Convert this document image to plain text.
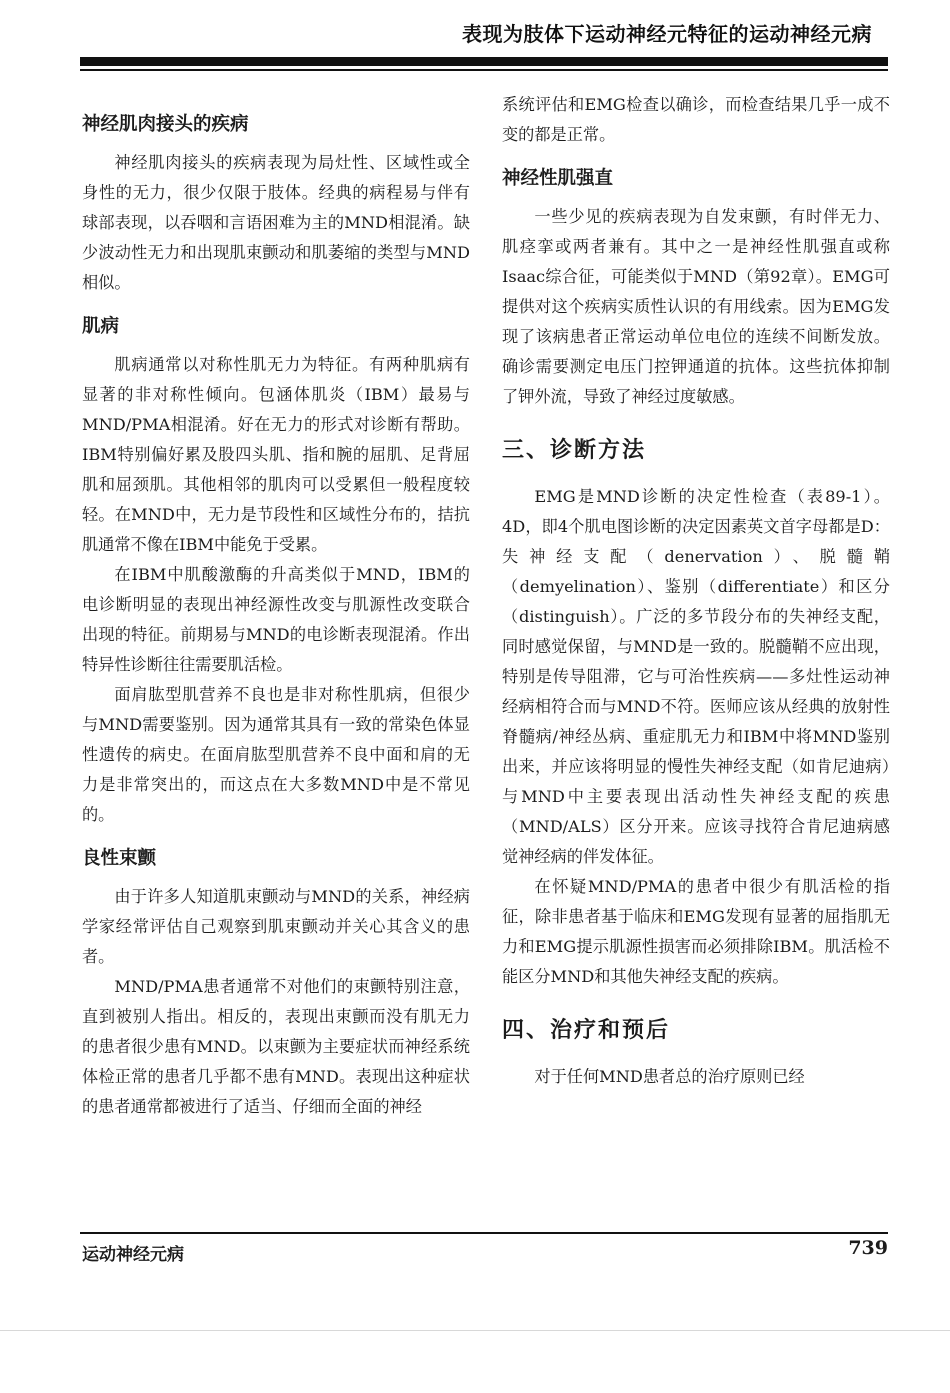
表现为肢体下运动神经元特征的运动神经元病
神经肌肉接头的疾病

神经肌肉接头的疾病表现为局灶性、区域性或全身性的无力，很少仅限于肢体。经典的病程易与伴有球部表现，以吞咽和言语困难为主的MND相混淆。缺少波动性无力和出现肌束颤动和肌萎缩的类型与MND相似。

肌病

肌病通常以对称性肌无力为特征。有两种肌病有显著的非对称性倾向。包涵体肌炎（IBM）最易与MND/PMA相混淆。好在无力的形式对诊断有帮助。IBM特别偏好累及股四头肌、指和腕的屈肌、足背屈肌和屈颈肌。其他相邻的肌肉可以受累但一般程度较轻。在MND中，无力是节段性和区域性分布的，拮抗肌通常不像在IBM中能免于受累。

在IBM中肌酸激酶的升高类似于MND，IBM的电诊断明显的表现出神经源性改变与肌源性改变联合出现的特征。前期易与MND的电诊断表现混淆。作出特异性诊断往往需要肌活检。

面肩肱型肌营养不良也是非对称性肌病，但很少与MND需要鉴别。因为通常其具有一致的常染色体显性遗传的病史。在面肩肱型肌营养不良中面和肩的无力是非常突出的，而这点在大多数MND中是不常见的。

良性束颤

由于许多人知道肌束颤动与MND的关系，神经病学家经常评估自己观察到肌束颤动并关心其含义的患者。

MND/PMA患者通常不对他们的束颤特别注意，直到被别人指出。相反的，表现出束颤而没有肌无力的患者很少患有MND。以束颤为主要症状而神经系统体检正常的患者几乎都不患有MND。表现出这种症状的患者通常都被进行了适当、仔细而全面的神经

系统评估和EMG检查以确诊，而检查结果几乎一成不变的都是正常。

神经性肌强直

一些少见的疾病表现为自发束颤，有时伴无力、肌痉挛或两者兼有。其中之一是神经性肌强直或称Isaac综合征，可能类似于MND（第92章）。EMG可提供对这个疾病实质性认识的有用线索。因为EMG发现了该病患者正常运动单位电位的连续不间断发放。确诊需要测定电压门控钾通道的抗体。这些抗体抑制了钾外流，导致了神经过度敏感。

三、诊断方法

EMG是MND诊断的决定性检查（表89-1）。4D，即4个肌电图诊断的决定因素英文首字母都是D：失神经支配（denervation）、脱髓鞘（demyelination）、鉴别（differentiate）和区分（distinguish）。广泛的多节段分布的失神经支配，同时感觉保留，与MND是一致的。脱髓鞘不应出现，特别是传导阻滞，它与可治性疾病——多灶性运动神经病相符合而与MND不符。医师应该从经典的放射性脊髓病/神经丛病、重症肌无力和IBM中将MND鉴别出来，并应该将明显的慢性失神经支配（如肯尼迪病）与MND中主要表现出活动性失神经支配的疾患（MND/ALS）区分开来。应该寻找符合肯尼迪病感觉神经病的伴发体征。

在怀疑MND/PMA的患者中很少有肌活检的指征，除非患者基于临床和EMG发现有显著的屈指肌无力和EMG提示肌源性损害而必须排除IBM。肌活检不能区分MND和其他失神经支配的疾病。

四、治疗和预后

对于任何MND患者总的治疗原则已经

运动神经元病	739
